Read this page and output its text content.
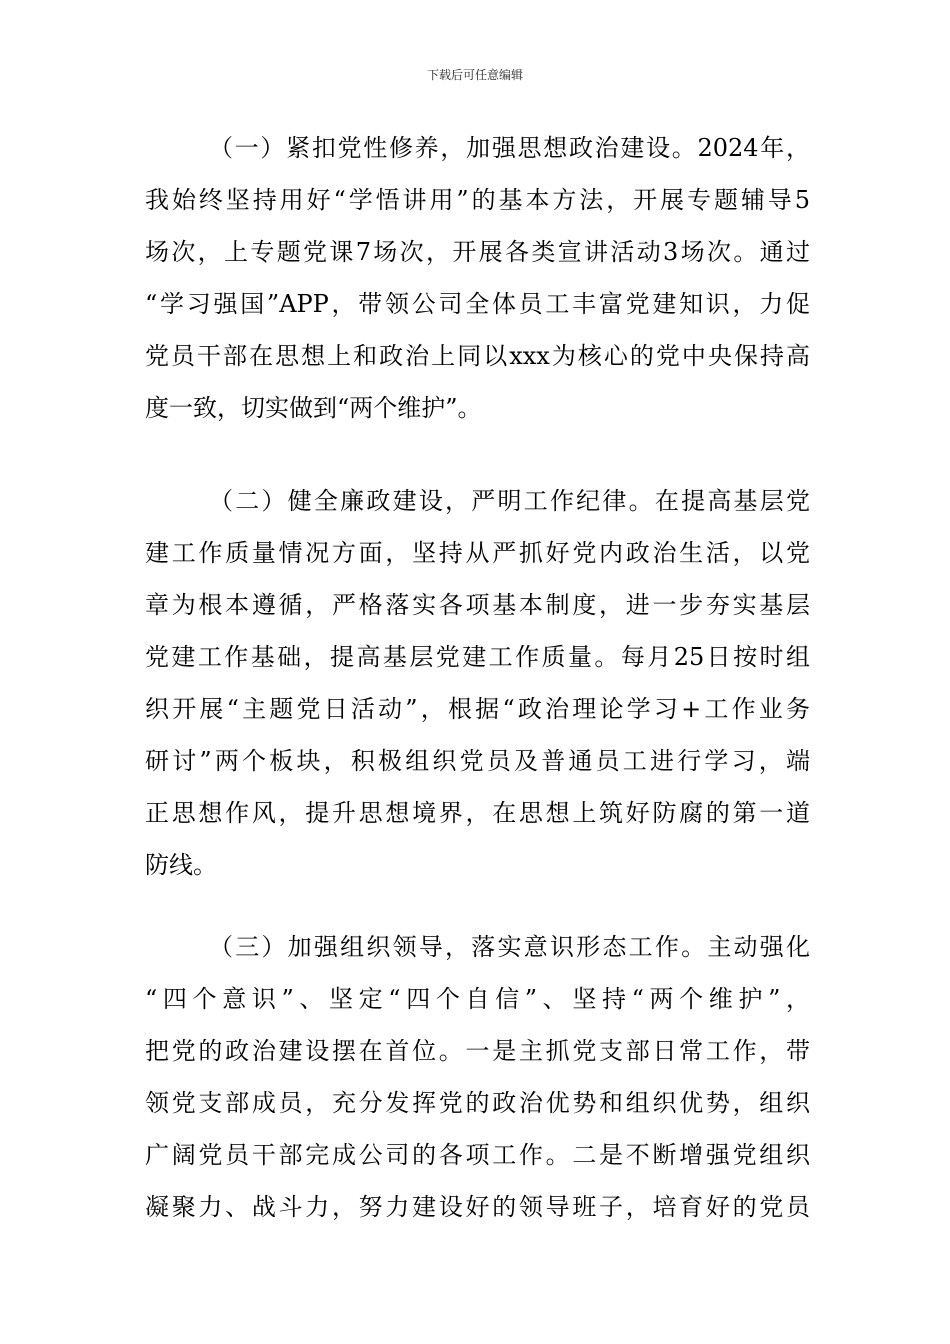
下载后可任意编辑
（一）紧扣党性修养，加强思想政治建设。2024年，
我始终坚持用好“学悟讲用”的基本方法，开展专题辅导5
场次，上专题党课7场次，开展各类宣讲活动3场次。通过
“学习强国”APP，带领公司全体员工丰富党建知识，力促
党员干部在思想上和政治上同以xxx为核心的党中央保持高
度一致，切实做到“两个维护”。
（二）健全廉政建设，严明工作纪律。在提高基层党
建工作质量情况方面，坚持从严抓好党内政治生活，以党
章为根本遵循，严格落实各项基本制度，进一步夯实基层
党建工作基础，提高基层党建工作质量。每月25日按时组
织开展“主题党日活动”，根据“政治理论学习+工作业务
研讨”两个板块，积极组织党员及普通员工进行学习，端
正思想作风，提升思想境界，在思想上筑好防腐的第一道
防线。
（三）加强组织领导，落实意识形态工作。主动强化
“四个意识”、坚定“四个自信”、坚持“两个维护”，
把党的政治建设摆在首位。一是主抓党支部日常工作，带
领党支部成员，充分发挥党的政治优势和组织优势，组织
广阔党员干部完成公司的各项工作。二是不断增强党组织
凝聚力、战斗力，努力建设好的领导班子，培育好的党员
